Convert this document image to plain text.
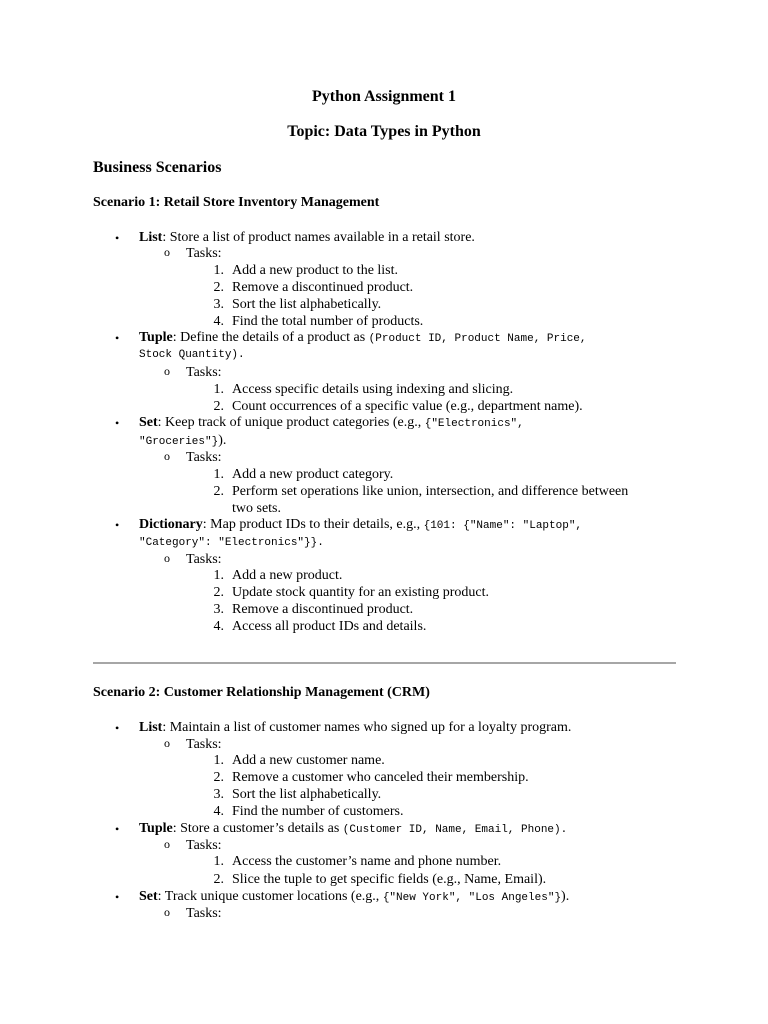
Python Assignment 1
Topic: Data Types in Python
Business Scenarios
Scenario 1: Retail Store Inventory Management
• List: Store a list of product names available in a retail store.
o Tasks:
1. Add a new product to the list.
2. Remove a discontinued product.
3. Sort the list alphabetically.
4. Find the total number of products.
• Tuple: Define the details of a product as (Product ID, Product Name, Price,
Stock Quantity).
o Tasks:
1. Access specific details using indexing and slicing.
2. Count occurrences of a specific value (e.g., department name).
• Set: Keep track of unique product categories (e.g., {"Electronics",
"Groceries"}).
o Tasks:
1. Add a new product category.
2. Perform set operations like union, intersection, and difference between
two sets.
• Dictionary: Map product IDs to their details, e.g., {101: {"Name": "Laptop",
"Category": "Electronics"}}.
o Tasks:
1. Add a new product.
2. Update stock quantity for an existing product.
3. Remove a discontinued product.
4. Access all product IDs and details.
Scenario 2: Customer Relationship Management (CRM)
• List: Maintain a list of customer names who signed up for a loyalty program.
o Tasks:
1. Add a new customer name.
2. Remove a customer who canceled their membership.
3. Sort the list alphabetically.
4. Find the number of customers.
• Tuple: Store a customer’s details as (Customer ID, Name, Email, Phone).
o Tasks:
1. Access the customer’s name and phone number.
2. Slice the tuple to get specific fields (e.g., Name, Email).
• Set: Track unique customer locations (e.g., {"New York", "Los Angeles"}).
o Tasks:
